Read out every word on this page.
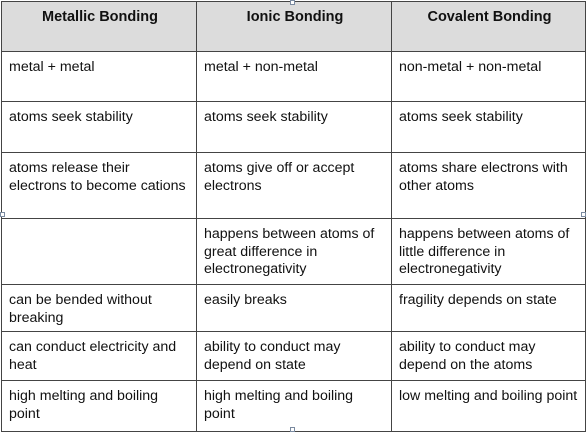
Metallic Bonding	Ionic Bonding	Covalent Bonding
metal + metal	metal + non-metal	non-metal + non-metal
atoms seek stability	atoms seek stability	atoms seek stability
atoms release their electrons to become cations	atoms give off or accept electrons	atoms share electrons with other atoms
	happens between atoms of great difference in electronegativity	happens between atoms of little difference in electronegativity
can be bended without breaking	easily breaks	fragility depends on state
can conduct electricity and heat	ability to conduct may depend on state	ability to conduct may depend on the atoms
high melting and boiling point	high melting and boiling point	low melting and boiling point
